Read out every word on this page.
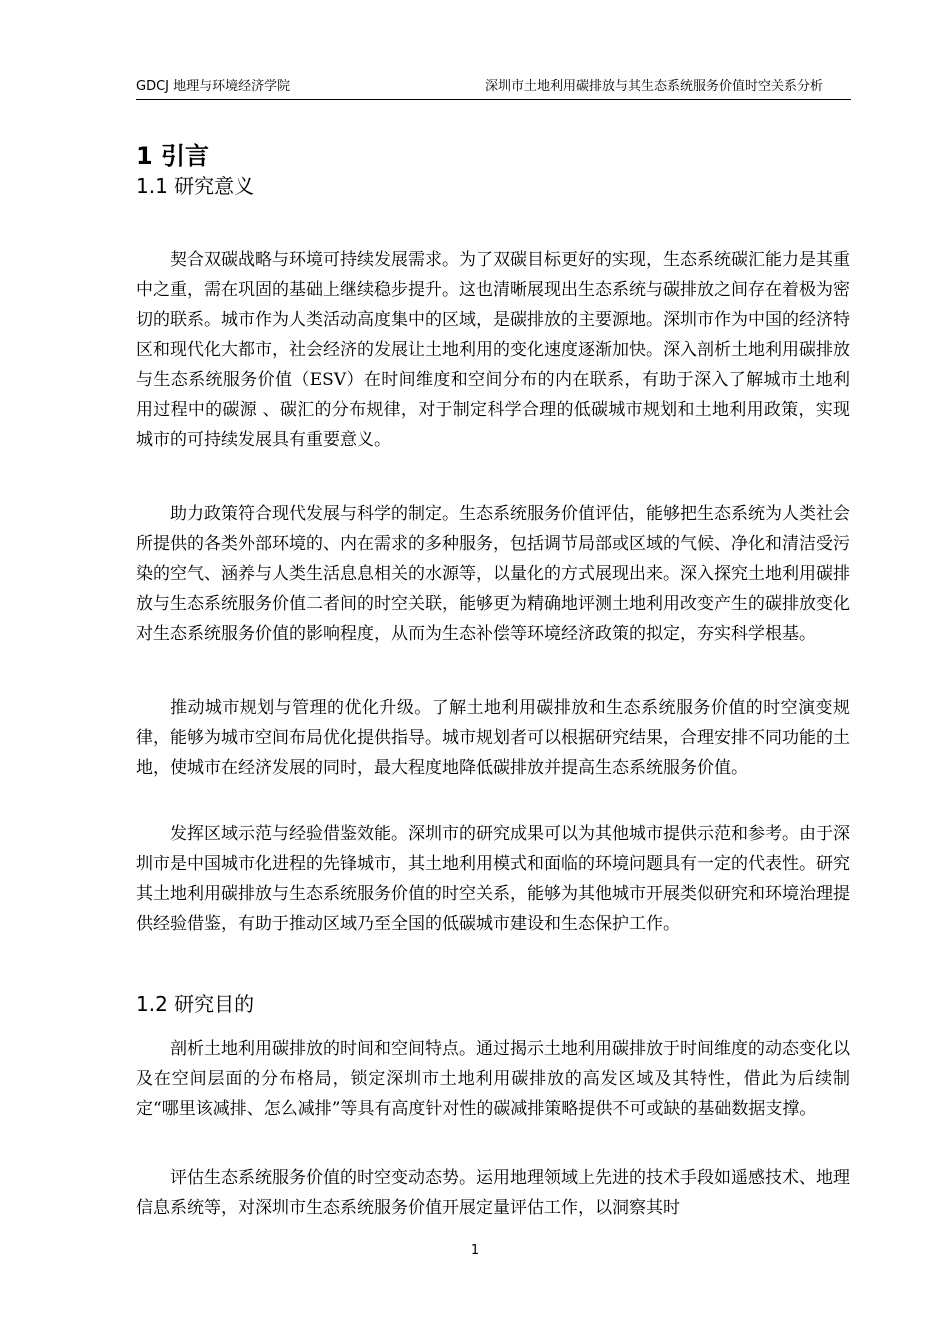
GDCJ 地理与环境经济学院	深圳市土地利用碳排放与其生态系统服务价值时空关系分析
1 引言
1.1 研究意义

契合双碳战略与环境可持续发展需求。为了双碳目标更好的实现，生态系统碳汇能力是其重中之重，需在巩固的基础上继续稳步提升。这也清晰展现出生态系统与碳排放之间存在着极为密切的联系。城市作为人类活动高度集中的区域，是碳排放的主要源地。深圳市作为中国的经济特区和现代化大都市，社会经济的发展让土地利用的变化速度逐渐加快。深入剖析土地利用碳排放与生态系统服务价值（ESV）在时间维度和空间分布的内在联系，有助于深入了解城市土地利用过程中的碳源 、碳汇的分布规律，对于制定科学合理的低碳城市规划和土地利用政策，实现城市的可持续发展具有重要意义。

助力政策符合现代发展与科学的制定。生态系统服务价值评估，能够把生态系统为人类社会所提供的各类外部环境的、内在需求的多种服务，包括调节局部或区域的气候、净化和清洁受污染的空气、涵养与人类生活息息相关的水源等，以量化的方式展现出来。深入探究土地利用碳排放与生态系统服务价值二者间的时空关联，能够更为精确地评测土地利用改变产生的碳排放变化对生态系统服务价值的影响程度，从而为生态补偿等环境经济政策的拟定，夯实科学根基。

推动城市规划与管理的优化升级。了解土地利用碳排放和生态系统服务价值的时空演变规律，能够为城市空间布局优化提供指导。城市规划者可以根据研究结果，合理安排不同功能的土地，使城市在经济发展的同时，最大程度地降低碳排放并提高生态系统服务价值。

发挥区域示范与经验借鉴效能。深圳市的研究成果可以为其他城市提供示范和参考。由于深圳市是中国城市化进程的先锋城市，其土地利用模式和面临的环境问题具有一定的代表性。研究其土地利用碳排放与生态系统服务价值的时空关系，能够为其他城市开展类似研究和环境治理提供经验借鉴，有助于推动区域乃至全国的低碳城市建设和生态保护工作。

1.2 研究目的

剖析土地利用碳排放的时间和空间特点。通过揭示土地利用碳排放于时间维度的动态变化以及在空间层面的分布格局，锁定深圳市土地利用碳排放的高发区域及其特性，借此为后续制定“哪里该减排、怎么减排”等具有高度针对性的碳减排策略提供不可或缺的基础数据支撑。

评估生态系统服务价值的时空变动态势。运用地理领域上先进的技术手段如遥感技术、地理信息系统等，对深圳市生态系统服务价值开展定量评估工作，以洞察其时

1
